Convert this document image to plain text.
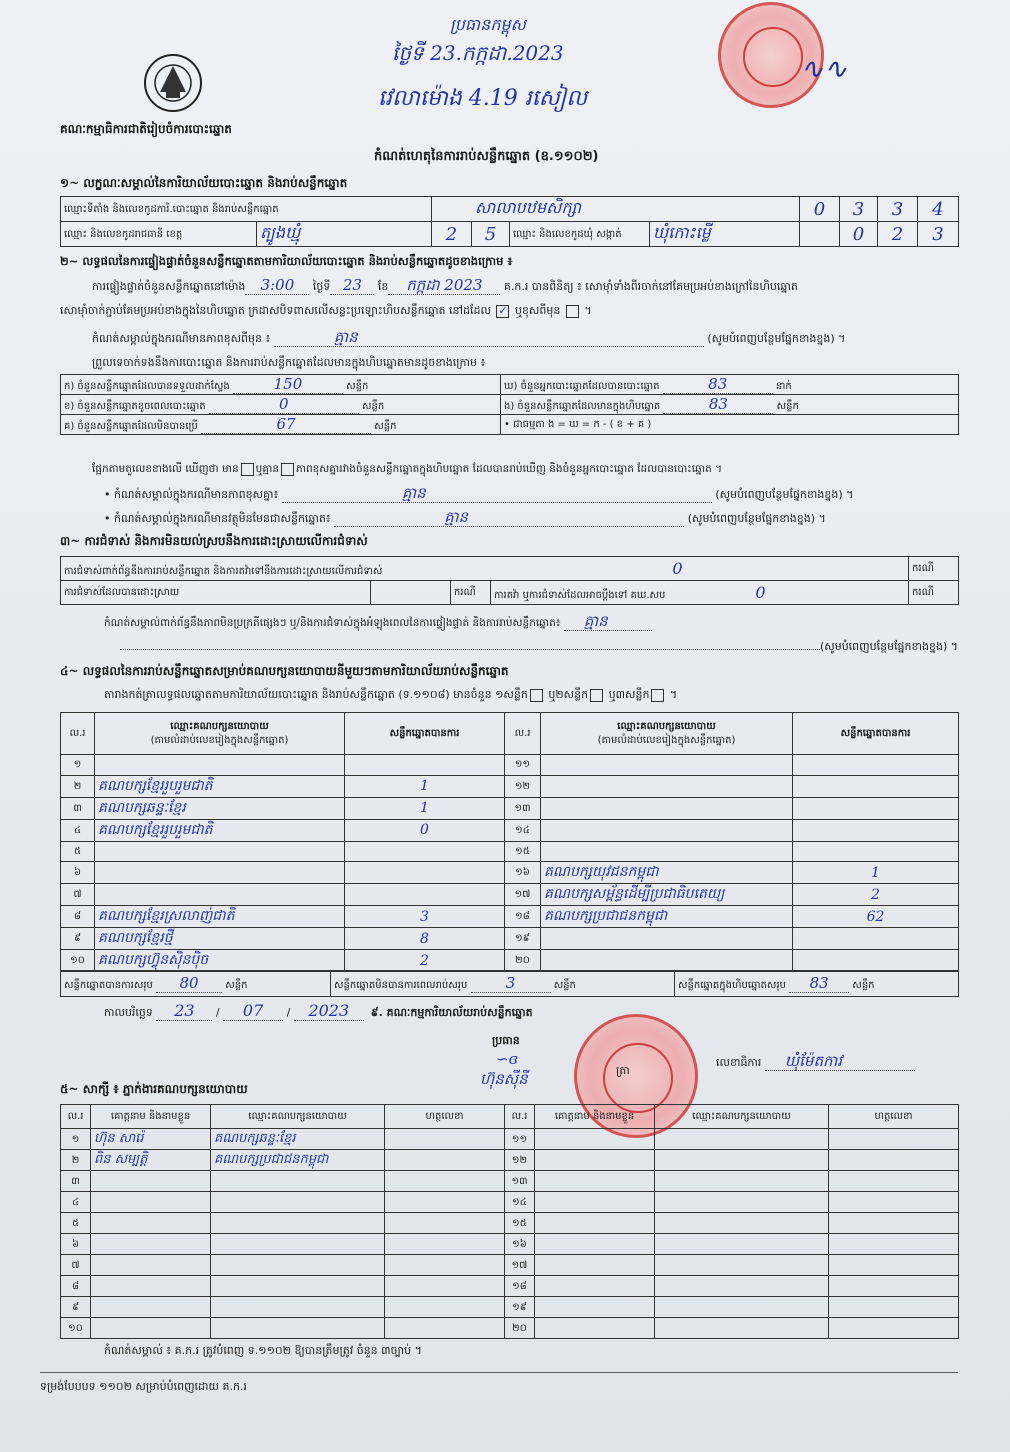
ប្រធានកម្ពុស
ថ្ងៃទី 23.កក្កដា.2023
វេលាម៉ោង 4.19 រសៀល
∿∿
គណៈកម្មាធិការជាតិរៀបចំការបោះឆ្នោត
កំណត់ហេតុនៃការរាប់សន្លឹកឆ្នោត (ឧ.១១០២)
១~ លក្ខណៈសម្គាល់នៃការិយាល័យបោះឆ្នោត និងរាប់សន្លឹកឆ្នោត
ឈ្មោះទីតាំង និងលេខកូដការិ.បោះឆ្នោត និងរាប់សន្លឹកឆ្នោត		សាលាបឋមសិក្សា				0	3	3	4
ឈ្មោះ និងលេខកូដរាជធានី ខេត្ត	ត្បូងឃ្មុំ	2	5	ឈ្មោះ និងលេខកូដឃុំ សង្កាត់	ឃុំកោះម្លើ		0	2	3
២~ លទ្ធផលនៃការផ្ទៀងផ្ទាត់ចំនួនសន្លឹកឆ្នោតតាមការិយាល័យបោះឆ្នោត និងរាប់សន្លឹកឆ្នោតដូចខាងក្រោម ៖
ការផ្ទៀងផ្ទាត់ចំនួនសន្លឹកឆ្នោតនៅម៉ោង 3:00 ថ្ងៃទី 23 ខែ កក្កដា 2023 គ.ក.រ បានពិនិត្យ ៖ សោម៉ាំទាំងពីរចាក់នៅគែមប្រអប់ខាងក្រៅនៃហិបឆ្នោត
សោម៉ាំចាក់ភ្ជាប់គែមប្រអប់ខាងក្នុងនៃហិបឆ្នោត ក្រដាសបិទពាសលើសន្លះប្រឡោះហិបសន្លឹកឆ្នោត នៅដដែល ✓ ឬខុសពីមុន  ។
កំណត់សម្គាល់ក្នុងករណីមានភាពខុសពីមុន ៖	គ្មាន	(សូមបំពេញបន្ថែមផ្នែកខាងខ្នង) ។
ព្រួលទេចាក់ទងនឹងការបោះឆ្នោត និងការរាប់សន្លឹកឆ្នោតដែលមានក្នុងហិបឆ្នោតមានដូចខាងក្រោម ៖
ក) ចំនួនសន្លឹកឆ្នោតដែលបានទទួលដាក់ស្ទែង 150 សន្លឹក	ឃ) ចំនួនអ្នកបោះឆ្នោតដែលបានបោះឆ្នោត 83 នាក់
ខ) ចំនួនសន្លឹកឆ្នោតខូចពេលបោះឆ្នោត 0 សន្លឹក	ង) ចំនួនសន្លឹកឆ្នោតដែលមានក្នុងហិបឆ្នោត 83 សន្លឹក
គ) ចំនួនសន្លឹកឆ្នោតដែលមិនបានប្រើ 67 សន្លឹក	• ជាធម្មតា ង = ឃ = ក - ( ខ + គ )
ផ្អែកតាមតួលេខខាងលើ ឃើញថា មាន ឬគ្មាន ភាពខុសគ្នារវាងចំនួនសន្លឹកឆ្នោតក្នុងហិបឆ្នោត ដែលបានរាប់ឃើញ និងចំនួនអ្នកបោះឆ្នោត ដែលបានបោះឆ្នោត ។
• កំណត់សម្គាល់ក្នុងករណីមានភាពខុសគ្នា៖	គ្មាន	(សូមបំពេញបន្ថែមផ្នែកខាងខ្នង) ។
• កំណត់សម្គាល់ក្នុងករណីមានវត្ថុមិនមែនជាសន្លឹកឆ្នោត៖	គ្មាន	(សូមបំពេញបន្ថែមផ្នែកខាងខ្នង) ។
៣~ ការជំទាស់ និងការមិនយល់ស្របនឹងការដោះស្រាយលើការជំទាស់
ការជំទាស់ពាក់ព័ន្ធនឹងការរាប់សន្លឹកឆ្នោត និងការតវ៉ាទៅនឹងការដោះស្រាយលើការជំទាស់ 0				ករណី
ការជំទាស់ដែលបានដោះស្រាយ		ករណី	ការតវ៉ា ឬការជំទាស់ដែលអាចប្ដឹងទៅ គឃ.សប 0	ករណី
កំណត់សម្គាល់ពាក់ព័ន្ធនឹងភាពមិនប្រក្រតីផ្សេងៗ ឬ/និងការជំទាស់ក្នុងអំឡុងពេលនៃការផ្ទៀងផ្ទាត់ និងការរាប់សន្លឹកឆ្នោត៖ គ្មាន
(សូមបំពេញបន្ថែមផ្នែកខាងខ្នង) ។
៤~ លទ្ធផលនៃការរាប់សន្លឹកឆ្នោតសម្រាប់គណបក្សនយោបាយនីមួយៗតាមការិយាល័យរាប់សន្លឹកឆ្នោត
តារាងកត់ត្រាលទ្ធផលឆ្នោតតាមការិយាល័យបោះឆ្នោត និងរាប់សន្លឹកឆ្នោត (ទ.១១០៨) មានចំនួន ១សន្លឹក ឬ២សន្លឹក ឬ៣សន្លឹក ។
ល.រ	ឈ្មោះគណបក្សនយោបាយ
(តាមលំដាប់លេខរៀងក្នុងសន្លឹកឆ្នោត)	សន្លឹកឆ្នោតបានការ	ល.រ	ឈ្មោះគណបក្សនយោបាយ
(តាមលំដាប់លេខរៀងក្នុងសន្លឹកឆ្នោត)	សន្លឹកឆ្នោតបានការ
១			១១		
២	គណបក្សខ្មែររួបរួមជាតិ	1	១២		
៣	គណបក្សឆន្ទៈខ្មែរ	1	១៣		
៤	គណបក្សខ្មែររួបរួមជាតិ	0	១៤		
៥			១៥		
៦			១៦	គណបក្សយុវជនកម្ពុជា	1
៧			១៧	គណបក្សសម្ព័ន្ធដើម្បីប្រជាធិបតេយ្យ	2
៨	គណបក្សខ្មែរស្រលាញ់ជាតិ	3	១៨	គណបក្សប្រជាជនកម្ពុជា	62
៩	គណបក្សខ្មែរថ្មី	8	១៩		
១០	គណបក្សហ៊្វុនស៊ិនប៉ិច	2	២០		
សន្លឹកឆ្នោតបានការសរុប 80	សន្លឹក	សន្លឹកឆ្នោតមិនបានការពេលរាប់សរុប	3	សន្លឹក	សន្លឹកឆ្នោតក្នុងហិបឆ្នោតសរុប 83 សន្លឹក
កាលបរិច្ឆេទ 23 / 07 / 2023 ៩. គណៈកម្មការិយាល័យរាប់សន្លឹកឆ្នោត
ប្រធាន
∽ɞ
ហ៊ុនស៊ីនី	ត្រា
លេខាធិការ ឃុំម៉ែតកាវ
៥~ សាក្សី ៖ ភ្នាក់ងារគណបក្សនយោបាយ
ល.រ	គោត្តនាម និងនាមខ្លួន	ឈ្មោះគណបក្សនយោបាយ	ហត្ថលេខា	ល.រ	គោត្តនាម និងនាមខ្លួន	ឈ្មោះគណបក្សនយោបាយ	ហត្ថលេខា
១	ហ៊ុន សារ៉េ	គណបក្សឆន្ទៈខ្មែរ		១១			
២	ពិន សម្បត្តិ	គណបក្សប្រជាជនកម្ពុជា		១២			
៣				១៣			
៤				១៤			
៥				១៥			
៦				១៦			
៧				១៧			
៨				១៨			
៩				១៩			
១០				២០			
កំណត់សម្គាល់ ៖ គ.ក.រ ត្រូវបំពេញ ទ.១១០២ ឱ្យបានត្រឹមត្រូវ ចំនួន ៣ច្បាប់ ។
ទម្រង់បែបបទ ១១០២ សម្រាប់បំពេញដោយ គ.ក.រ
